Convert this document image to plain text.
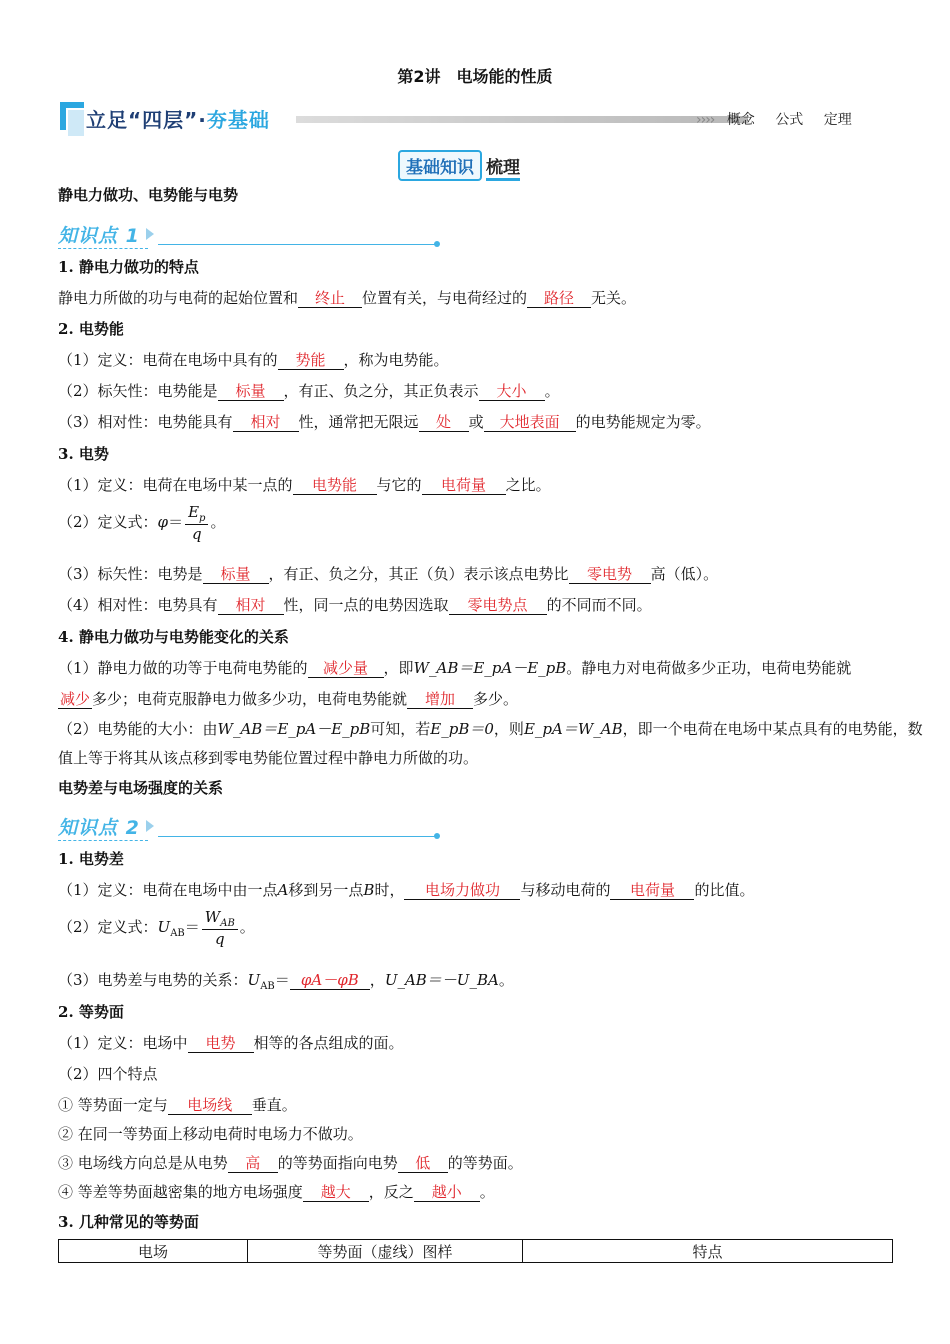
第2讲　电场能的性质
立足“四层”·夯基础	›››› 概念 公式 定理
基础知识 梳理
静电力做功、电势能与电势
知识点 1
1. 静电力做功的特点
静电力所做的功与电荷的起始位置和 终止 位置有关，与电荷经过的 路径 无关。
2. 电势能
（1）定义：电荷在电场中具有的 势能 ，称为电势能。
（2）标矢性：电势能是 标量 ，有正、负之分，其正负表示 大小 。
（3）相对性：电势能具有 相对 性，通常把无限远 处 或 大地表面 的电势能规定为零。
3. 电势
（1）定义：电荷在电场中某一点的 电势能 与它的 电荷量 之比。
（2）定义式：$\varphi= \frac{E_p}{q}$ 。
（3）标矢性：电势是 标量 ，有正、负之分，其正（负）表示该点电势比 零电势 高（低）。
（4）相对性：电势具有 相对 性，同一点的电势因选取 零电势点 的不同而不同。
4. 静电力做功与电势能变化的关系
（1）静电力做的功等于电荷电势能的 减少量 ，即W_AB＝E_pA－E_pB。静电力对电荷做多少正功，电荷电势能就
减少 多少；电荷克服静电力做多少功，电荷电势能就 增加 多少。
（2）电势能的大小：由W_AB＝E_pA－E_pB可知，若E_pB＝0，则E_pA＝W_AB，即一个电荷在电场中某点具有的电势能，数
值上等于将其从该点移到零电势能位置过程中静电力所做的功。
电势差与电场强度的关系
知识点 2
1. 电势差
（1）定义：电荷在电场中由一点A移到另一点B时， 电场力做功 与移动电荷的 电荷量 的比值。
（2）定义式：$U_{AB}= \frac{W_{AB}}{q}$ 。
（3）电势差与电势的关系：$U_{AB}= \varphi A-\varphi B$ ，U_AB＝－U_BA。
2. 等势面
（1）定义：电场中 电势 相等的各点组成的面。
（2）四个特点
① 等势面一定与 电场线 垂直。
② 在同一等势面上移动电荷时电场力不做功。
③ 电场线方向总是从电势 高 的等势面指向电势 低 的等势面。
④ 等差等势面越密集的地方电场强度 越大 ，反之 越小 。
3. 几种常见的等势面
电场	等势面（虚线）图样	特点
